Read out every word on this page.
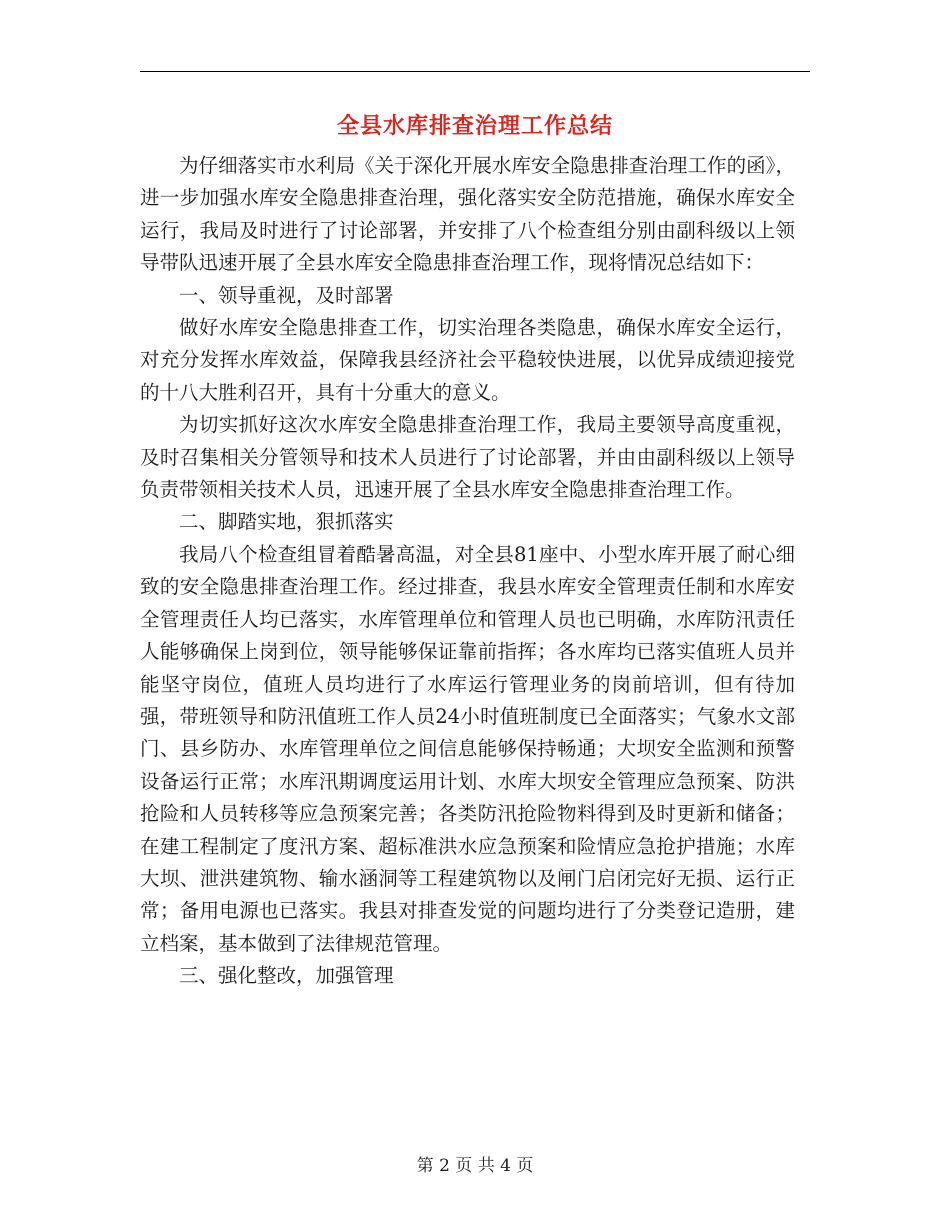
全县水库排查治理工作总结

为仔细落实市水利局《关于深化开展水库安全隐患排查治理工作的函》，进一步加强水库安全隐患排查治理，强化落实安全防范措施，确保水库安全运行，我局及时进行了讨论部署，并安排了八个检查组分别由副科级以上领导带队迅速开展了全县水库安全隐患排查治理工作，现将情况总结如下：

一、领导重视，及时部署

做好水库安全隐患排查工作，切实治理各类隐患，确保水库安全运行，对充分发挥水库效益，保障我县经济社会平稳较快进展，以优异成绩迎接党的十八大胜利召开，具有十分重大的意义。

为切实抓好这次水库安全隐患排查治理工作，我局主要领导高度重视，及时召集相关分管领导和技术人员进行了讨论部署，并由由副科级以上领导负责带领相关技术人员，迅速开展了全县水库安全隐患排查治理工作。

二、脚踏实地，狠抓落实

我局八个检查组冒着酷暑高温，对全县81座中、小型水库开展了耐心细致的安全隐患排查治理工作。经过排查，我县水库安全管理责任制和水库安全管理责任人均已落实，水库管理单位和管理人员也已明确，水库防汛责任人能够确保上岗到位，领导能够保证靠前指挥；各水库均已落实值班人员并能坚守岗位，值班人员均进行了水库运行管理业务的岗前培训，但有待加强，带班领导和防汛值班工作人员24小时值班制度已全面落实；气象水文部门、县乡防办、水库管理单位之间信息能够保持畅通；大坝安全监测和预警设备运行正常；水库汛期调度运用计划、水库大坝安全管理应急预案、防洪抢险和人员转移等应急预案完善；各类防汛抢险物料得到及时更新和储备；在建工程制定了度汛方案、超标准洪水应急预案和险情应急抢护措施；水库大坝、泄洪建筑物、输水涵洞等工程建筑物以及闸门启闭完好无损、运行正常；备用电源也已落实。我县对排查发觉的问题均进行了分类登记造册，建立档案，基本做到了法律规范管理。

三、强化整改，加强管理

第 2 页 共 4 页
